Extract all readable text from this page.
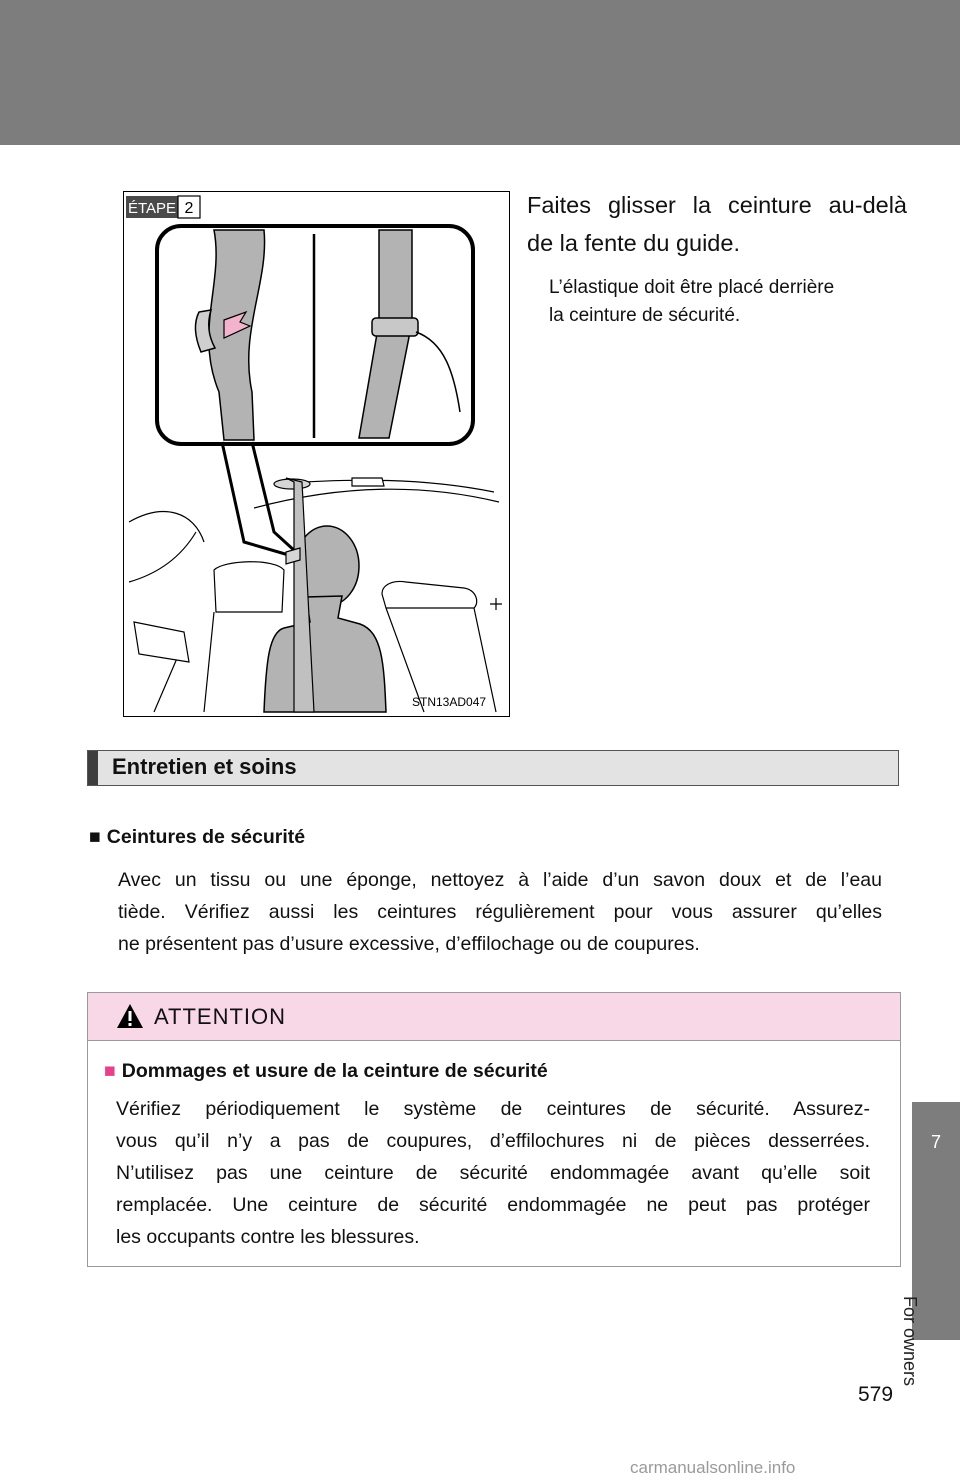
ÉTAPE 2
STN13AD047
Faites glisser la ceinture au-delà
de la fente du guide.
L’élastique doit être placé derrière
la ceinture de sécurité.
Entretien et soins
■ Ceintures de sécurité
Avec un tissu ou une éponge, nettoyez à l’aide d’un savon doux et de l’eau
tiède. Vérifiez aussi les ceintures régulièrement pour vous assurer qu’elles
ne présentent pas d’usure excessive, d’effilochage ou de coupures.
ATTENTION
■ Dommages et usure de la ceinture de sécurité
Vérifiez périodiquement le système de ceintures de sécurité. Assurez-
vous qu’il n’y a pas de coupures, d’effilochures ni de pièces desserrées.
N’utilisez pas une ceinture de sécurité endommagée avant qu’elle soit
remplacée. Une ceinture de sécurité endommagée ne peut pas protéger
les occupants contre les blessures.
7
For owners
579
carmanualsonline.info
